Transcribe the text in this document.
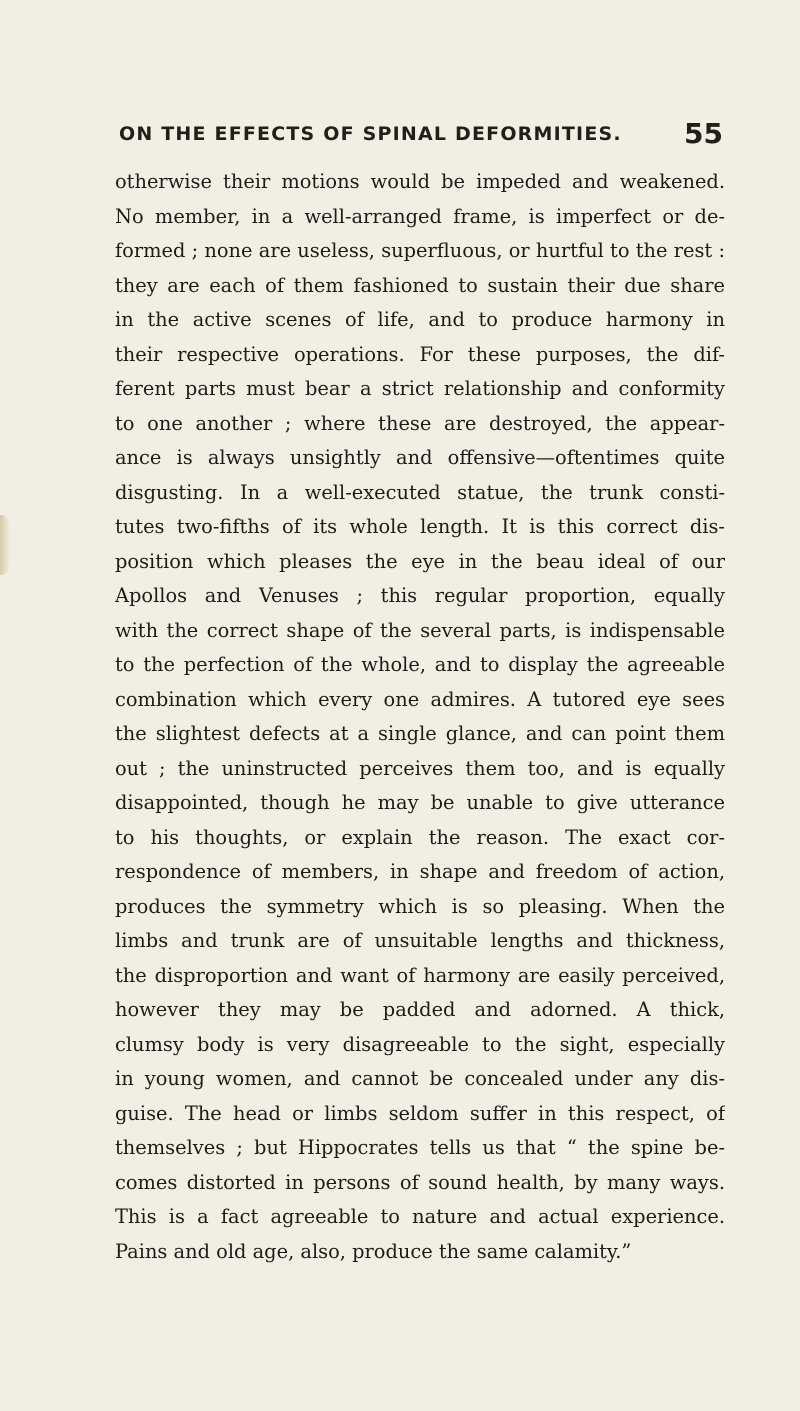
ON THE EFFECTS OF SPINAL DEFORMITIES. 55
otherwise their motions would be impeded and weakened.
No member, in a well-arranged frame, is imperfect or de-
formed ; none are useless, superfluous, or hurtful to the rest :
they are each of them fashioned to sustain their due share
in the active scenes of life, and to produce harmony in
their respective operations. For these purposes, the dif-
ferent parts must bear a strict relationship and conformity
to one another ; where these are destroyed, the appear-
ance is always unsightly and offensive—oftentimes quite
disgusting. In a well-executed statue, the trunk consti-
tutes two-fifths of its whole length. It is this correct dis-
position which pleases the eye in the beau ideal of our
Apollos and Venuses ; this regular proportion, equally
with the correct shape of the several parts, is indispensable
to the perfection of the whole, and to display the agreeable
combination which every one admires. A tutored eye sees
the slightest defects at a single glance, and can point them
out ; the uninstructed perceives them too, and is equally
disappointed, though he may be unable to give utterance
to his thoughts, or explain the reason. The exact cor-
respondence of members, in shape and freedom of action,
produces the symmetry which is so pleasing. When the
limbs and trunk are of unsuitable lengths and thickness,
the disproportion and want of harmony are easily perceived,
however they may be padded and adorned. A thick,
clumsy body is very disagreeable to the sight, especially
in young women, and cannot be concealed under any dis-
guise. The head or limbs seldom suffer in this respect, of
themselves ; but Hippocrates tells us that “ the spine be-
comes distorted in persons of sound health, by many ways.
This is a fact agreeable to nature and actual experience.
Pains and old age, also, produce the same calamity.”
